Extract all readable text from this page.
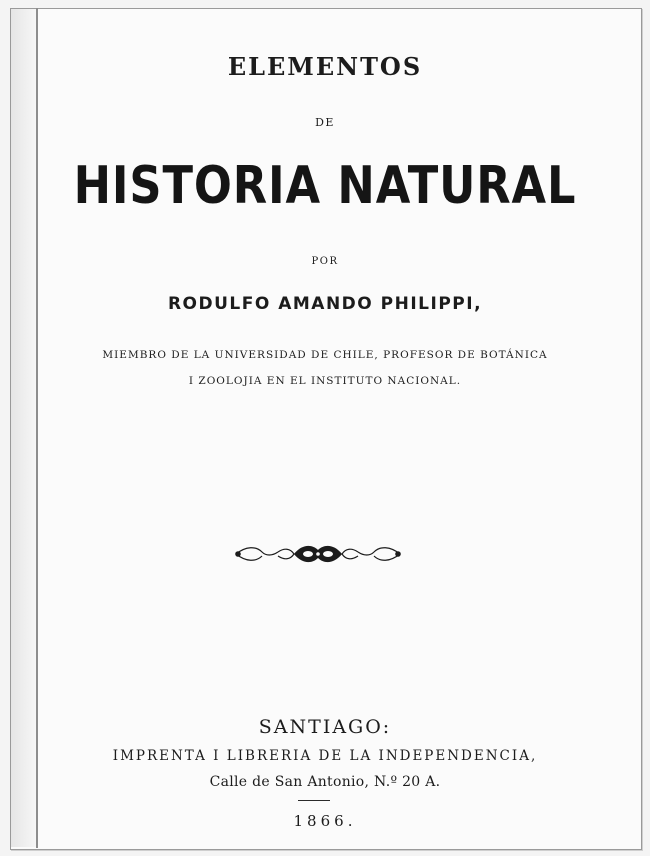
ELEMENTOS
DE
HISTORIA NATURAL
POR
RODULFO AMANDO PHILIPPI,
MIEMBRO DE LA UNIVERSIDAD DE CHILE, PROFESOR DE BOTÁNICA
I ZOOLOJIA EN EL INSTITUTO NACIONAL.
SANTIAGO:
IMPRENTA I LIBRERIA DE LA INDEPENDENCIA,
Calle de San Antonio, N.º 20 A.
1866.
